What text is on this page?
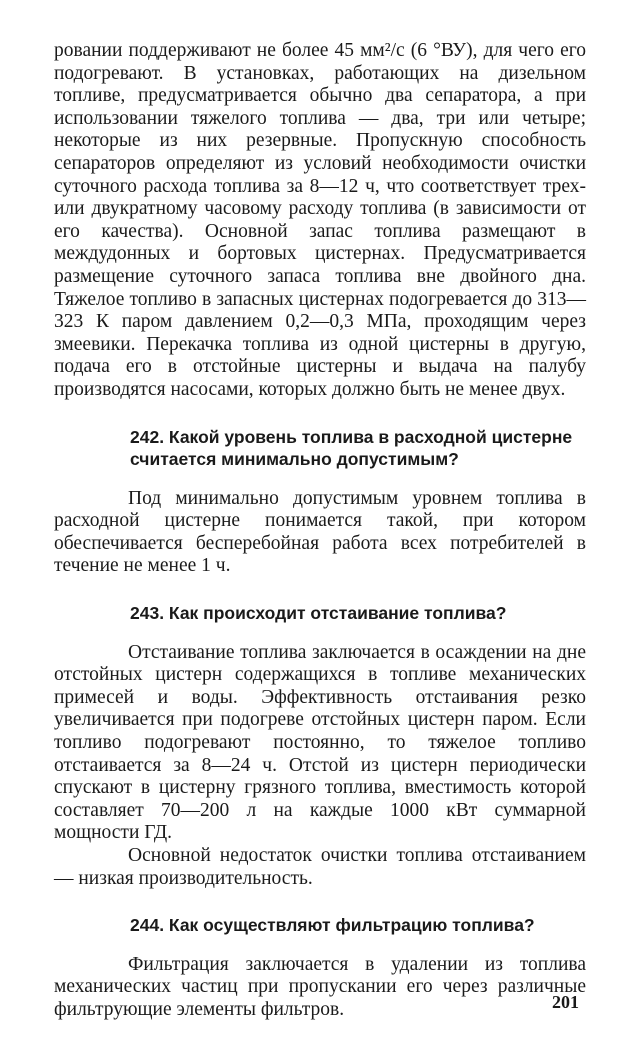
ровании поддерживают не более 45 мм²/с (6 °ВУ), для чего его подогревают. В установках, работающих на дизельном топливе, предусматривается обычно два сепаратора, а при использовании тяжелого топлива — два, три или четыре; некоторые из них резервные. Пропускную способность сепараторов определяют из условий необходимости очистки суточного расхода топлива за 8—12 ч, что соответствует трех- или двукратному часовому расходу топлива (в зависимости от его качества). Основной запас топлива размещают в междудонных и бортовых цистернах. Предусматривается размещение суточного запаса топлива вне двойного дна. Тяжелое топливо в запасных цистернах подогревается до 313—323 К паром давлением 0,2—0,3 МПа, проходящим через змеевики. Перекачка топлива из одной цистерны в другую, подача его в отстойные цистерны и выдача на палубу производятся насосами, которых должно быть не менее двух.

242. Какой уровень топлива в расходной цистерне считается минимально допустимым?

Под минимально допустимым уровнем топлива в расходной цистерне понимается такой, при котором обеспечивается бесперебойная работа всех потребителей в течение не менее 1 ч.

243. Как происходит отстаивание топлива?

Отстаивание топлива заключается в осаждении на дне отстойных цистерн содержащихся в топливе механических примесей и воды. Эффективность отстаивания резко увеличивается при подогреве отстойных цистерн паром. Если топливо подогревают постоянно, то тяжелое топливо отстаивается за 8—24 ч. Отстой из цистерн периодически спускают в цистерну грязного топлива, вместимость которой составляет 70—200 л на каждые 1000 кВт суммарной мощности ГД.

Основной недостаток очистки топлива отстаиванием — низкая производительность.

244. Как осуществляют фильтрацию топлива?

Фильтрация заключается в удалении из топлива механических частиц при пропускании его через различные фильтрующие элементы фильтров.	201
